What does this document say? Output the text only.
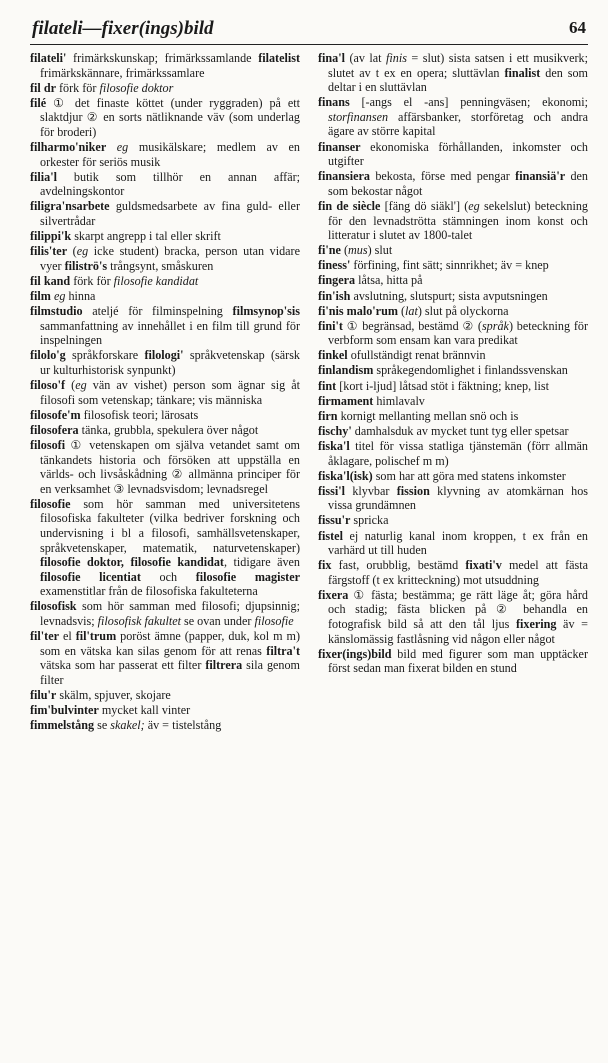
filateli—fixer(ings)bild	64

filateli' frimärkskunskap; frimärkssamlande filatelist frimärkskännare, frimärkssamlare

fil dr förk för filosofie doktor

filé ① det finaste köttet (under ryggraden) på ett slaktdjur ② en sorts nätliknande väv (som underlag för broderi)

filharmo'niker eg musikälskare; medlem av en orkester för seriös musik

filia'l butik som tillhör en annan affär; avdelningskontor

filigra'nsarbete guldsmedsarbete av fina guld- eller silvertrådar

filippi'k skarpt angrepp i tal eller skrift

filis'ter (eg icke student) bracka, person utan vidare vyer filiströ's trångsynt, småskuren

fil kand förk för filosofie kandidat

film eg hinna

filmstudio ateljé för filminspelning filmsynop'sis sammanfattning av innehållet i en film till grund för inspelningen

filolo'g språkforskare filologi' språkvetenskap (särsk ur kulturhistorisk synpunkt)

filoso'f (eg vän av vishet) person som ägnar sig åt filosofi som vetenskap; tänkare; vis människa

filosofe'm filosofisk teori; lärosats

filosofera tänka, grubbla, spekulera över något

filosofi ① vetenskapen om själva vetandet samt om tänkandets historia och försöken att uppställa en världs- och livsåskådning ② allmänna principer för en verksamhet ③ levnadsvisdom; levnadsregel

filosofie som hör samman med universitetens filosofiska fakulteter (vilka bedriver forskning och undervisning i bl a filosofi, samhällsvetenskaper, språkvetenskaper, matematik, naturvetenskaper) filosofie doktor, filosofie kandidat, tidigare även filosofie licentiat och filosofie magister examenstitlar från de filosofiska fakulteterna

filosofisk som hör samman med filosofi; djupsinnig; levnadsvis; filosofisk fakultet se ovan under filosofie

fil'ter el fil'trum poröst ämne (papper, duk, kol m m) som en vätska kan silas genom för att renas filtra't vätska som har passerat ett filter filtrera sila genom filter

filu'r skälm, spjuver, skojare

fim'bulvinter mycket kall vinter

fimmelstång se skakel; äv = tistelstång

fina'l (av lat finis = slut) sista satsen i ett musikverk; slutet av t ex en opera; sluttävlan finalist den som deltar i en sluttävlan

finans [-angs el -ans] penningväsen; ekonomi; storfinansen affärsbanker, storföretag och andra ägare av större kapital

finanser ekonomiska förhållanden, inkomster och utgifter

finansiera bekosta, förse med pengar finansiä'r den som bekostar något

fin de siècle [fäng dö siäkl'] (eg sekelslut) beteckning för den levnadströtta stämningen inom konst och litteratur i slutet av 1800-talet

fi'ne (mus) slut

finess' förfining, fint sätt; sinnrikhet; äv = knep

fingera låtsa, hitta på

fin'ish avslutning, slutspurt; sista avputsningen

fi'nis malo'rum (lat) slut på olyckorna

fini't ① begränsad, bestämd ② (språk) beteckning för verbform som ensam kan vara predikat

finkel ofullständigt renat brännvin

finlandism språkegendomlighet i finlandssvenskan

fint [kort i-ljud] låtsad stöt i fäktning; knep, list

firmament himlavalv

firn kornigt mellanting mellan snö och is

fischy' damhalsduk av mycket tunt tyg eller spetsar

fiska'l titel för vissa statliga tjänstemän (förr allmän åklagare, polischef m m)

fiska'l(isk) som har att göra med statens inkomster

fissi'l klyvbar fission klyvning av atomkärnan hos vissa grundämnen

fissu'r spricka

fistel ej naturlig kanal inom kroppen, t ex från en varhärd ut till huden

fix fast, orubblig, bestämd fixati'v medel att fästa färgstoff (t ex kritteckning) mot utsuddning

fixera ① fästa; bestämma; ge rätt läge åt; göra hård och stadig; fästa blicken på ② behandla en fotografisk bild så att den tål ljus fixering äv = känslomässig fastlåsning vid någon eller något

fixer(ings)bild bild med figurer som man upptäcker först sedan man fixerat bilden en stund
